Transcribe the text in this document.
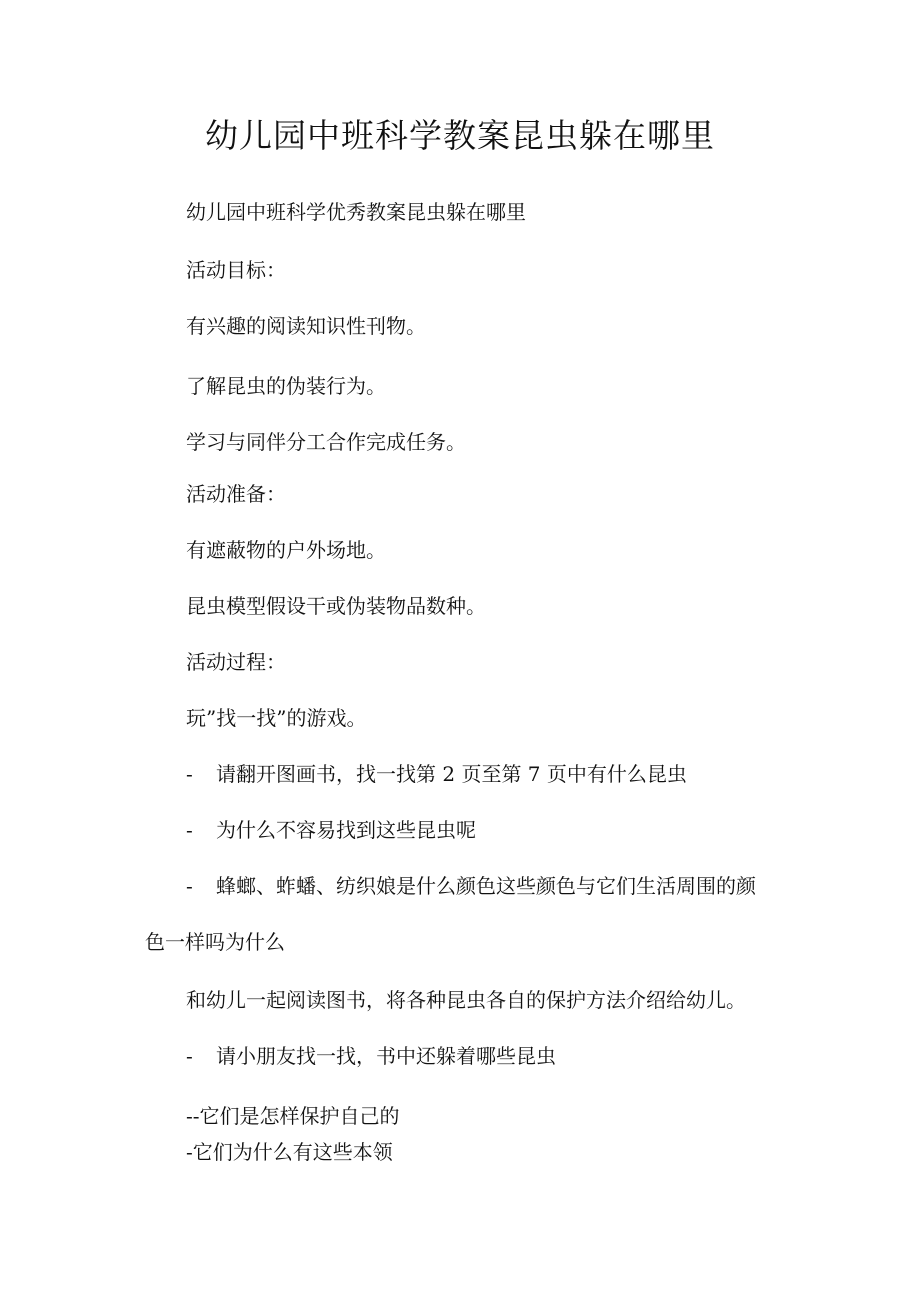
幼儿园中班科学教案昆虫躲在哪里
幼儿园中班科学优秀教案昆虫躲在哪里
活动目标：
有兴趣的阅读知识性刊物。
了解昆虫的伪装行为。
学习与同伴分工合作完成任务。
活动准备：
有遮蔽物的户外场地。
昆虫模型假设干或伪装物品数种。
活动过程：
玩”找一找”的游戏。
- 请翻开图画书，找一找第 2 页至第 7 页中有什么昆虫
- 为什么不容易找到这些昆虫呢
- 蜂螂、蚱蟠、纺织娘是什么颜色这些颜色与它们生活周围的颜
色一样吗为什么
和幼儿一起阅读图书，将各种昆虫各自的保护方法介绍给幼儿。
- 请小朋友找一找，书中还躲着哪些昆虫
--它们是怎样保护自己的
-它们为什么有这些本领
